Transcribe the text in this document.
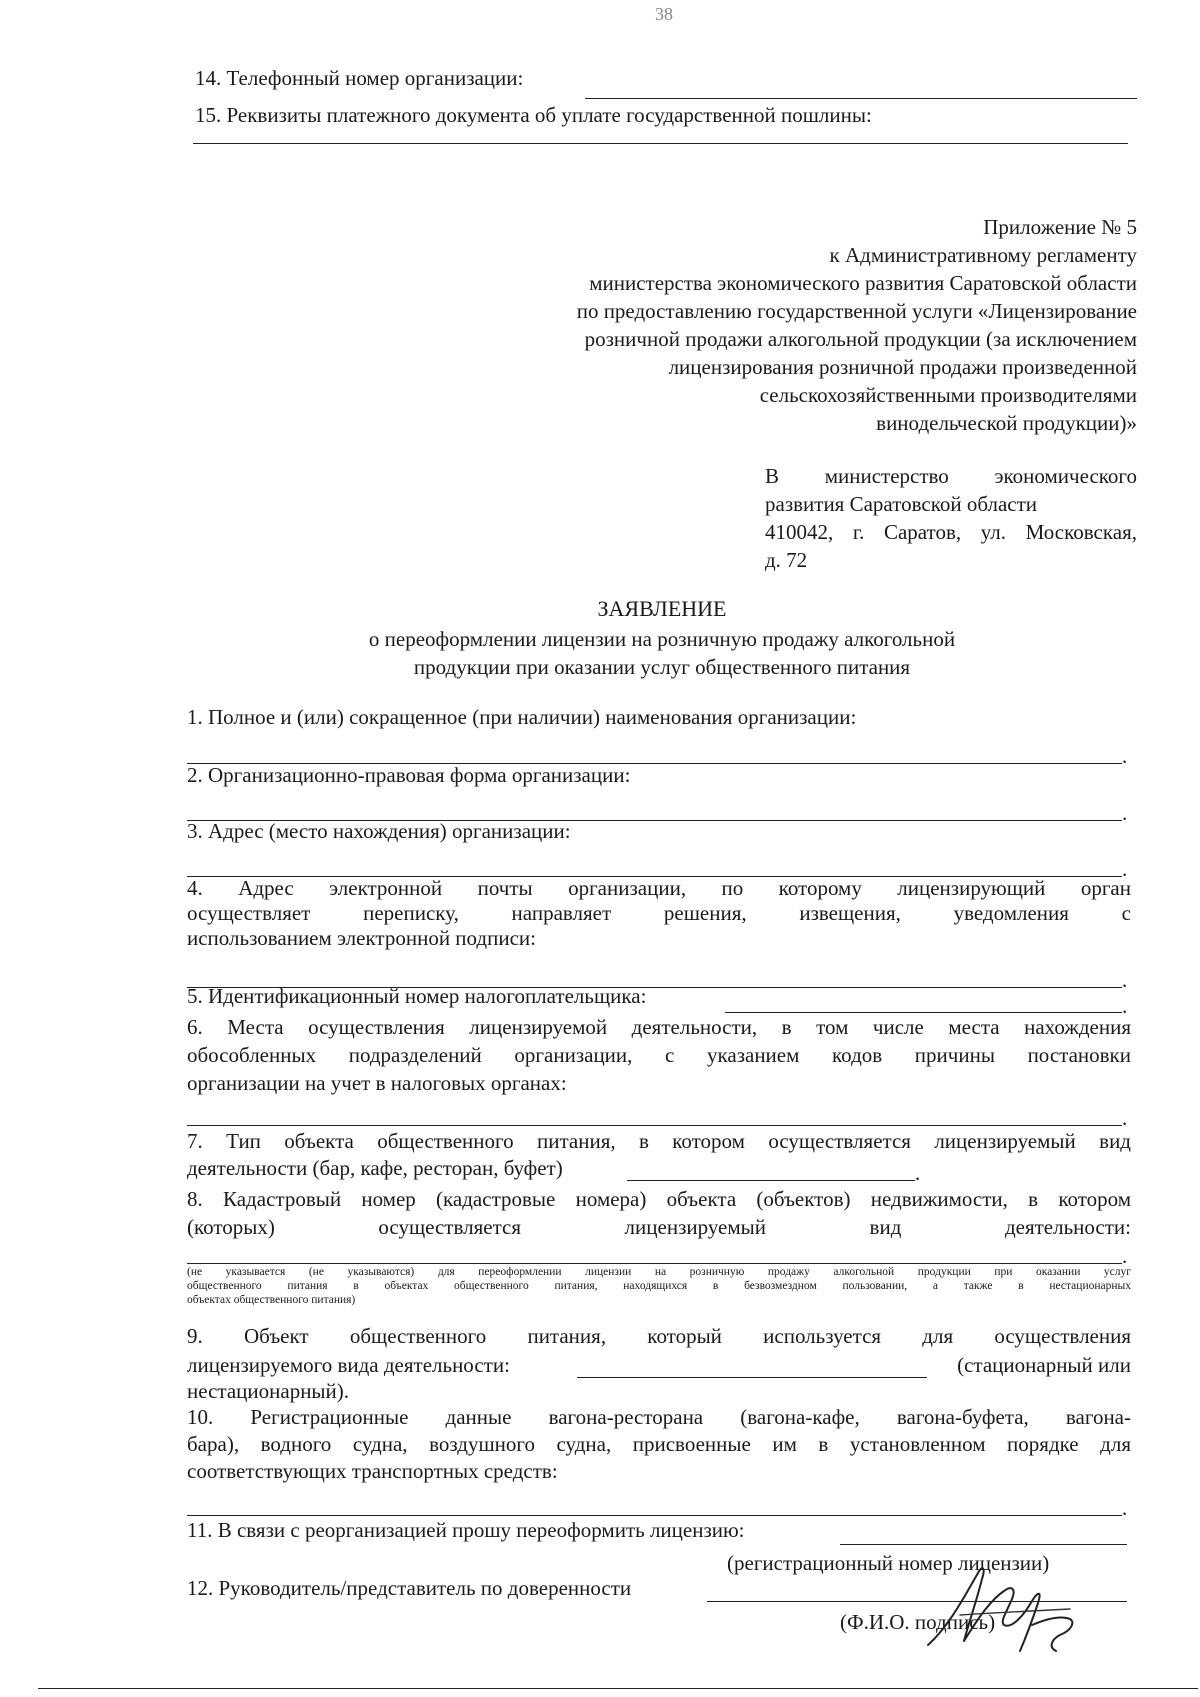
38
14. Телефонный номер организации:
15. Реквизиты платежного документа об уплате государственной пошлины:
Приложение № 5
к Административному регламенту
министерства экономического развития Саратовской области
по предоставлению государственной услуги «Лицензирование
розничной продажи алкогольной продукции (за исключением
лицензирования розничной продажи произведенной
сельскохозяйственными производителями
винодельческой продукции)»
В министерство экономического
развития Саратовской области
410042, г. Саратов, ул. Московская,
д. 72
ЗАЯВЛЕНИЕ
о переоформлении лицензии на розничную продажу алкогольной
продукции при оказании услуг общественного питания
1. Полное и (или) сокращенное (при наличии) наименования организации:
.
2. Организационно-правовая форма организации:
.
3. Адрес (место нахождения) организации:
.
4. Адрес электронной почты организации, по которому лицензирующий орган
осуществляет переписку, направляет решения, извещения, уведомления с
использованием электронной подписи:
.
5. Идентификационный номер налогоплательщика:	.
6. Места осуществления лицензируемой деятельности, в том числе места нахождения
обособленных подразделений организации, с указанием кодов причины постановки
организации на учет в налоговых органах:
.
7. Тип объекта общественного питания, в котором осуществляется лицензируемый вид
деятельности (бар, кафе, ресторан, буфет)	.
8. Кадастровый номер (кадастровые номера) объекта (объектов) недвижимости, в котором
(которых) осуществляется лицензируемый вид деятельности:
.
(не указывается (не указываются) для переоформлении лицензии на розничную продажу алкогольной продукции при оказании услуг
общественного питания в объектах общественного питания, находящихся в безвозмездном пользовании, а также в нестационарных
объектах общественного питания)
9. Объект общественного питания, который используется для осуществления
лицензируемого вида деятельности:	(стационарный или
нестационарный).
10. Регистрационные данные вагона-ресторана (вагона-кафе, вагона-буфета, вагона-
бара), водного судна, воздушного судна, присвоенные им в установленном порядке для
соответствующих транспортных средств:
.
11. В связи с реорганизацией прошу переоформить лицензию:
(регистрационный номер лицензии)
12. Руководитель/представитель по доверенности
(Ф.И.О. подпись)
